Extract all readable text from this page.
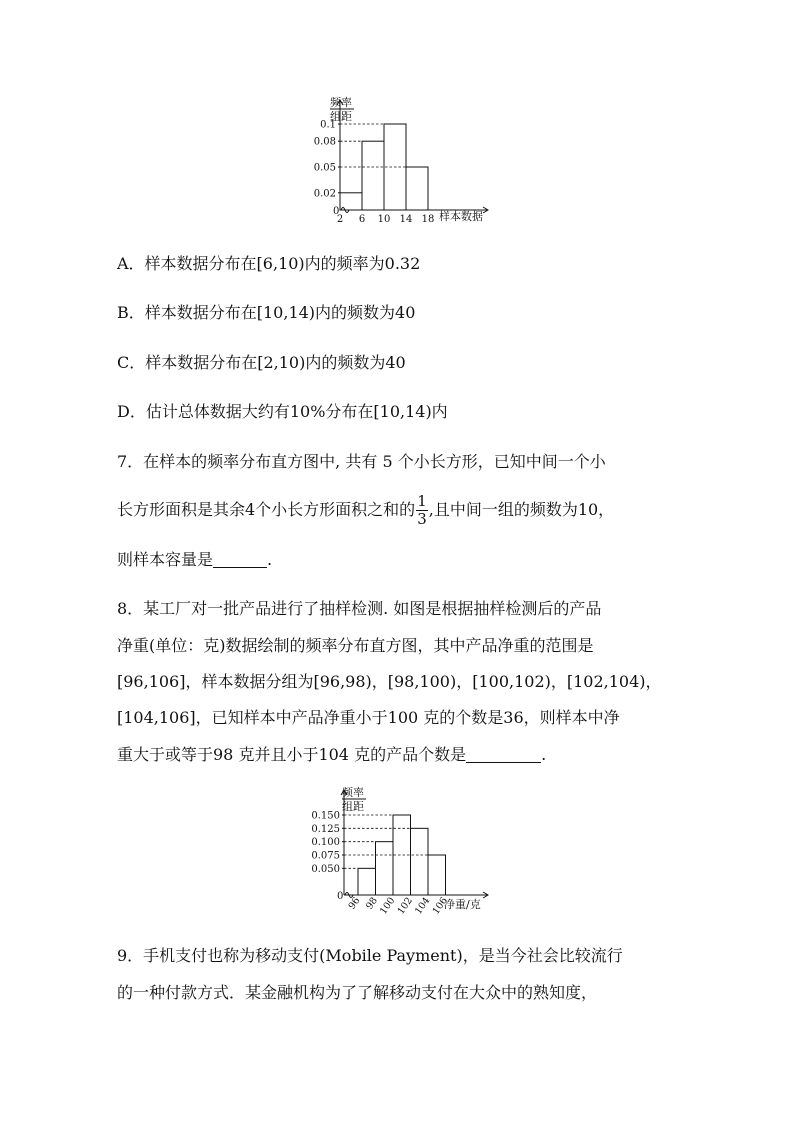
频率
组距
0
0.1
0.08
0.05
0.02
2 6 10 14 18 样本数据
A．样本数据分布在[6,10)内的频率为0.32
B．样本数据分布在[10,14)内的频数为40
C．样本数据分布在[2,10)内的频数为40
D．估计总体数据大约有10%分布在[10,14)内
7．在样本的频率分布直方图中, 共有 5 个小长方形，已知中间一个小
长方形面积是其余4个小长方形面积之和的 $\frac{1}{3}$ ,且中间一组的频数为10，
则样本容量是	.
8．某工厂对一批产品进行了抽样检测. 如图是根据抽样检测后的产品
净重(单位：克)数据绘制的频率分布直方图，其中产品净重的范围是
[96,106]，样本数据分组为[96,98)，[98,100)，[100,102)，[102,104)，
[104,106]，已知样本中产品净重小于100 克的个数是36，则样本中净
重大于或等于98 克并且小于104 克的产品个数是	.
频率
组距
0
0.150
0.125
0.100
0.075
0.050
96 98
100
102
104
106
净重/克
9．手机支付也称为移动支付(Mobile Payment)，是当今社会比较流行
的一种付款方式．某金融机构为了了解移动支付在大众中的熟知度，
